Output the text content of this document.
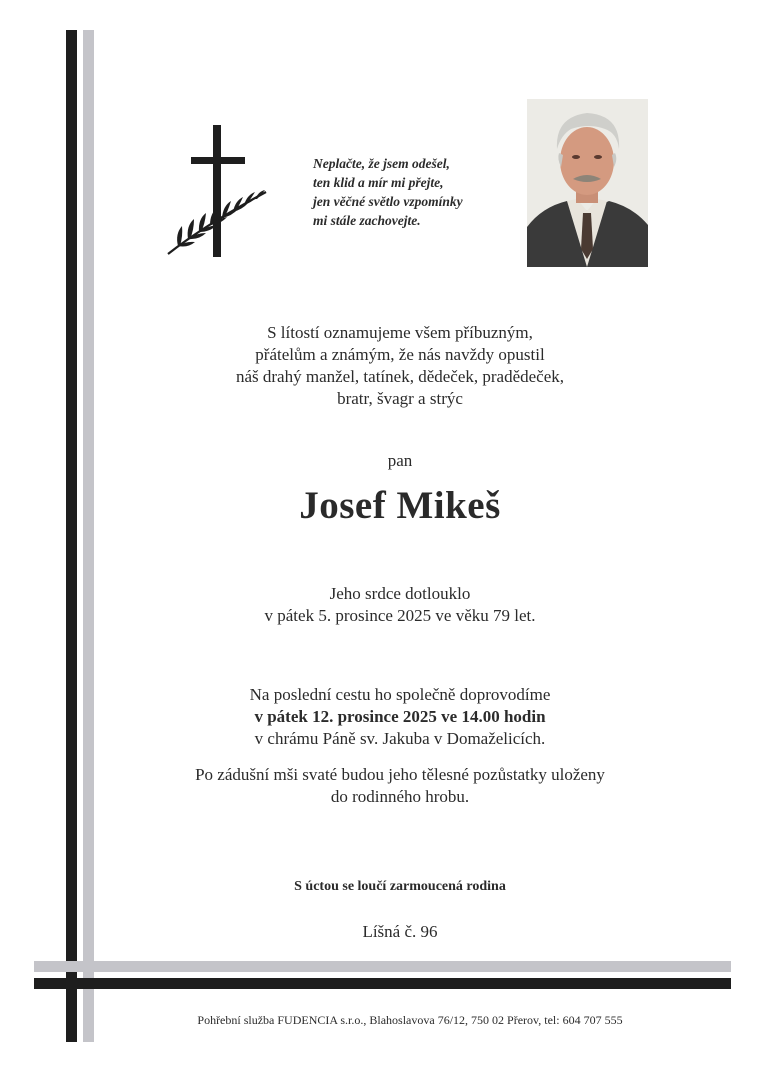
Neplačte, že jsem odešel,
ten klid a mír mi přejte,
jen věčné světlo vzpomínky
mi stále zachovejte.
S lítostí oznamujeme všem příbuzným,
přátelům a známým, že nás navždy opustil
náš drahý manžel, tatínek, dědeček, pradědeček,
bratr, švagr a strýc
pan
Josef Mikeš
Jeho srdce dotlouklo
v pátek 5. prosince 2025 ve věku 79 let.
Na poslední cestu ho společně doprovodíme
v pátek 12. prosince 2025 ve 14.00 hodin
v chrámu Páně sv. Jakuba v Domaželicích.
Po zádušní mši svaté budou jeho tělesné pozůstatky uloženy
do rodinného hrobu.
S úctou se loučí zarmoucená rodina
Líšná č. 96
Pohřební služba FUDENCIA s.r.o., Blahoslavova 76/12, 750 02 Přerov, tel: 604 707 555
